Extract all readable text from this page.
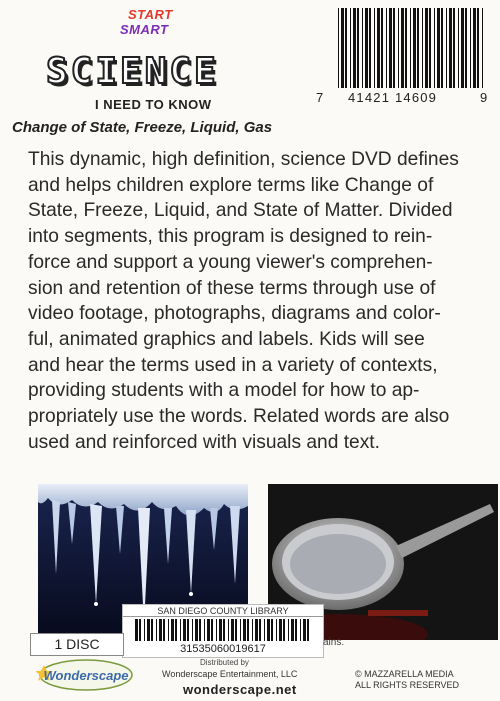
START
SMART
SCIENCE
I NEED TO KNOW
Change of State, Freeze, Liquid, Gas
7 41421 14609	9
This dynamic, high definition, science DVD defines
and helps children explore terms like Change of
State, Freeze, Liquid, and State of Matter. Divided
into segments, this program is designed to rein-
force and support a young viewer's comprehen-
sion and retention of these terms through use of
video footage, photographs, diagrams and color-
ful, animated graphics and labels. Kids will see
and hear the terms used in a variety of contexts,
providing students with a model for how to ap-
propriately use the words. Related words are also
used and reinforced with visuals and text.
SAN DIEGO COUNTY LIBRARY
31535060019617
1 DISC	ains.
Wonderscape
Distributed by
Wonderscape Entertainment, LLC
wonderscape.net
© MAZZARELLA MEDIA
ALL RIGHTS RESERVED
